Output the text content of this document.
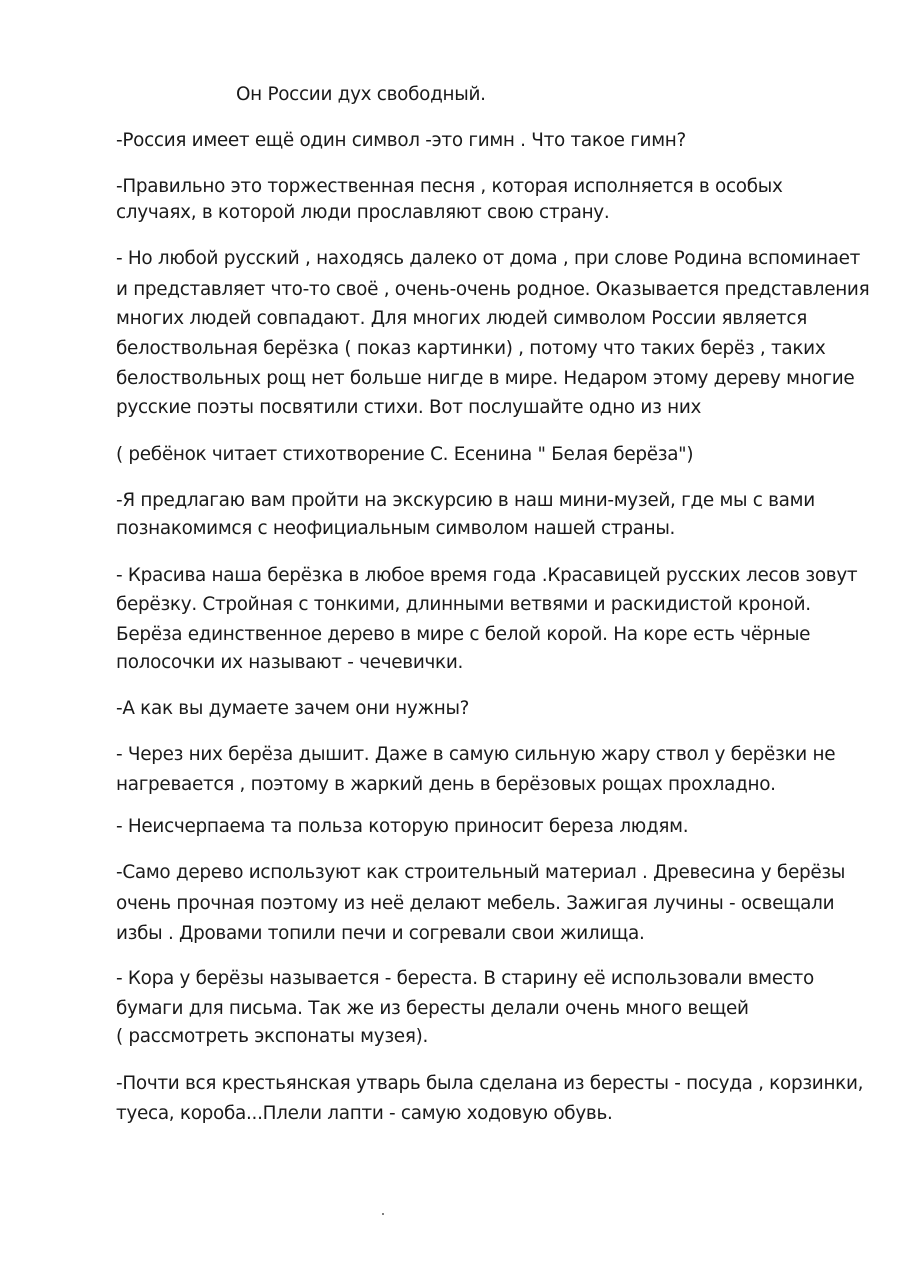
Он России дух свободный.

-Россия имеет ещё один символ -это гимн . Что такое гимн?

-Правильно это торжественная песня , которая исполняется в особых

случаях, в которой люди прославляют свою страну.

- Но любой русский , находясь далеко от дома , при слове Родина вспоминает

и представляет что-то своё , очень-очень родное. Оказывается представления

многих людей совпадают. Для многих людей символом России является

белоствольная берёзка ( показ картинки) , потому что таких берёз , таких

белоствольных рощ нет больше нигде в мире. Недаром этому дереву многие

русские поэты посвятили стихи. Вот послушайте одно из них

( ребёнок читает стихотворение С. Есенина " Белая берёза")

-Я предлагаю вам пройти на экскурсию в наш мини-музей, где мы с вами

познакомимся с неофициальным символом нашей страны.

- Красива наша берёзка в любое время года .Красавицей русских лесов зовут

берёзку. Стройная с тонкими, длинными ветвями и раскидистой кроной.

Берёза единственное дерево в мире с белой корой. На коре есть чёрные

полосочки их называют - чечевички.

-А как вы думаете зачем они нужны?

- Через них берёза дышит. Даже в самую сильную жару ствол у берёзки не

нагревается , поэтому в жаркий день в берёзовых рощах прохладно.

- Неисчерпаема та польза которую приносит береза людям.

-Само дерево используют как строительный материал . Древесина у берёзы

очень прочная поэтому из неё делают мебель. Зажигая лучины - освещали

избы . Дровами топили печи и согревали свои жилища.

- Кора у берёзы называется - береста. В старину её использовали вместо

бумаги для письма. Так же из бересты делали очень много вещей

( рассмотреть экспонаты музея).

-Почти вся крестьянская утварь была сделана из бересты - посуда , корзинки,

туеса, короба...Плели лапти - самую ходовую обувь.
